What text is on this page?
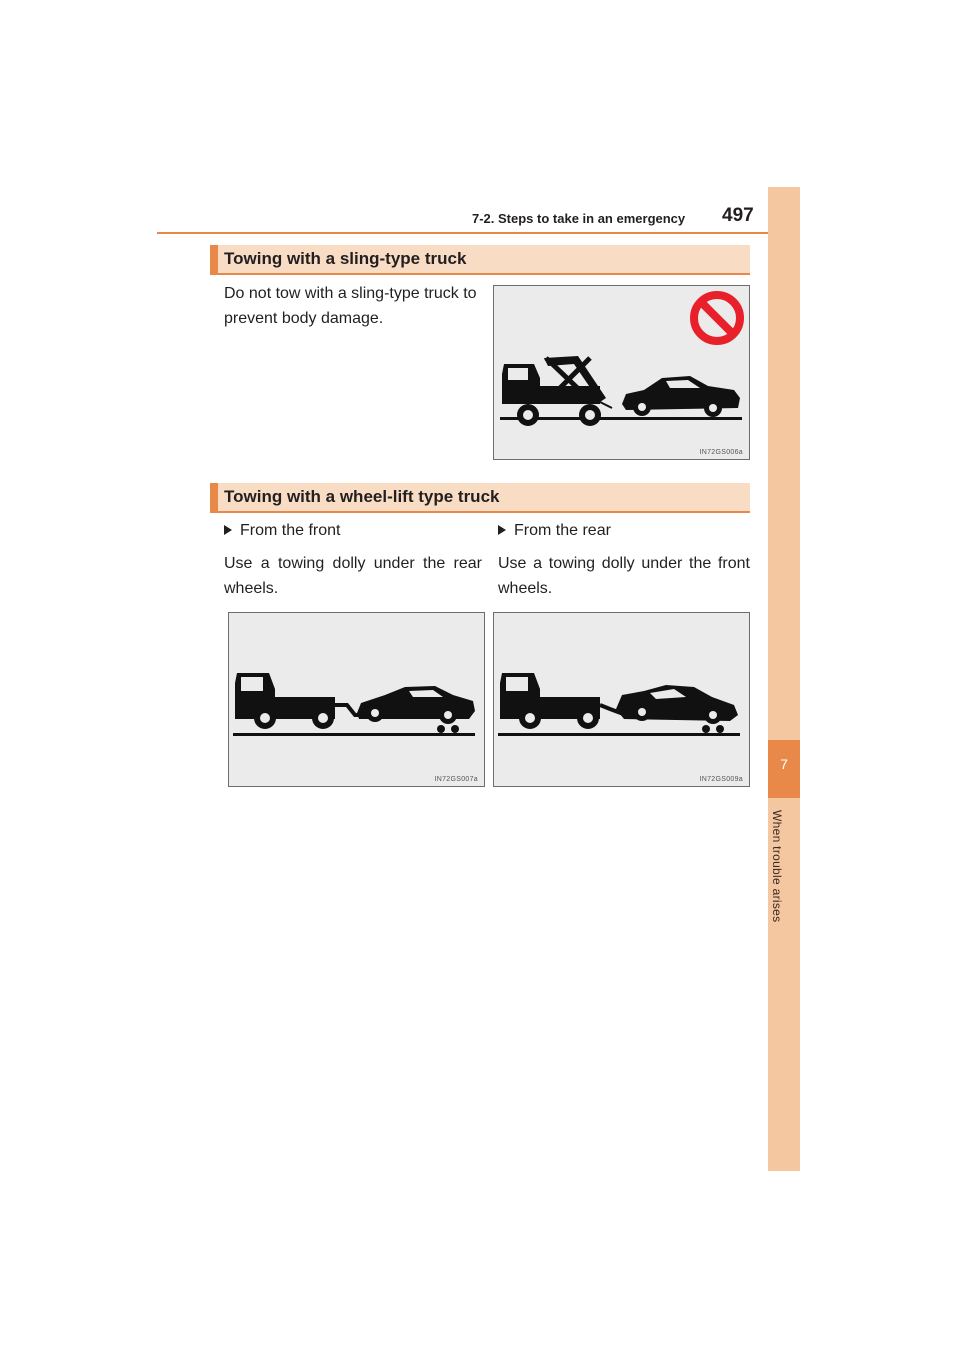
7-2. Steps to take in an emergency 497
7
When trouble arises
Towing with a sling-type truck
Do not tow with a sling-type truck to prevent body damage.
IN72GS006a
Towing with a wheel-lift type truck
From the front
Use a towing dolly under the rear wheels.
From the rear
Use a towing dolly under the front wheels.
IN72GS007a	IN72GS009a
